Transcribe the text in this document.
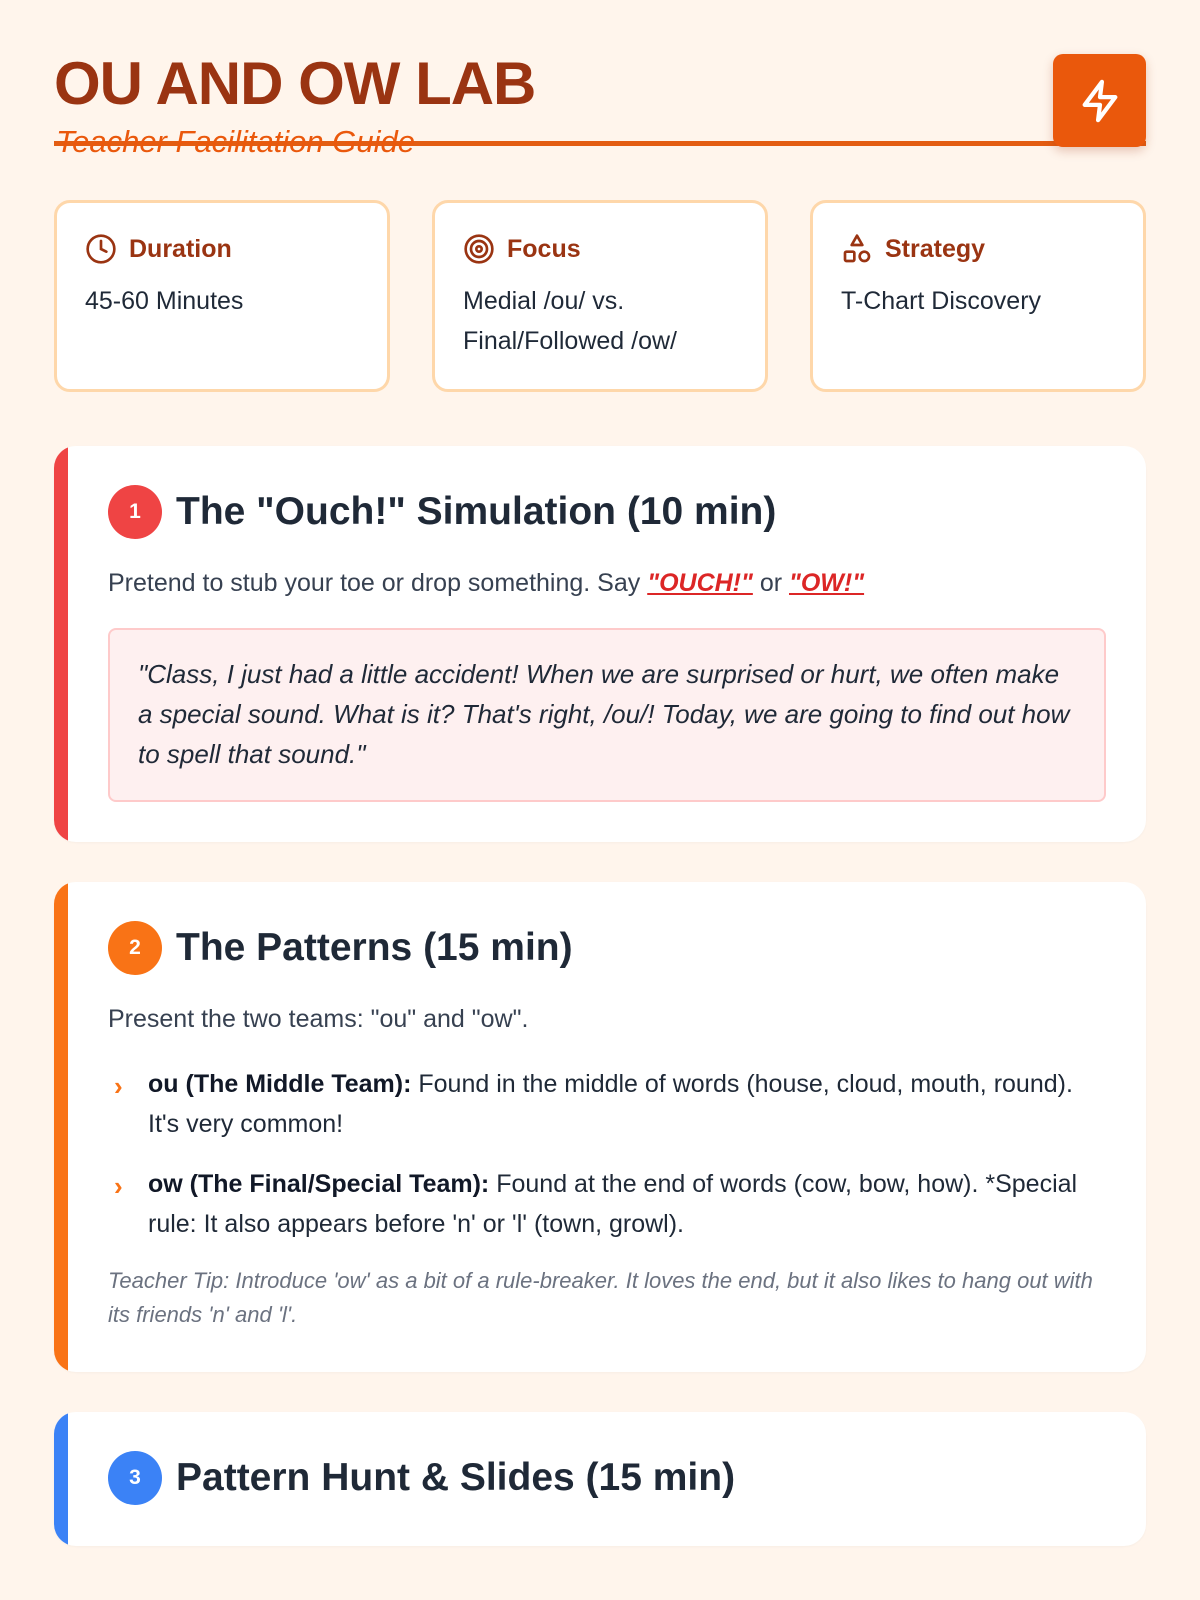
OU AND OW LAB
Teacher Facilitation Guide
Duration
45-60 Minutes
Focus
Medial /ou/ vs. Final/Followed /ow/
Strategy
T-Chart Discovery
1 The "Ouch!" Simulation (10 min)

Pretend to stub your toe or drop something. Say "OUCH!" or "OW!"

"Class, I just had a little accident! When we are surprised or hurt, we often make a special sound. What is it? That's right, /ou/! Today, we are going to find out how to spell that sound."
2 The Patterns (15 min)

Present the two teams: "ou" and "ow".

› ou (The Middle Team): Found in the middle of words (house, cloud, mouth, round). It's very common!
› ow (The Final/Special Team): Found at the end of words (cow, bow, how). *Special rule: It also appears before 'n' or 'l' (town, growl).
Teacher Tip: Introduce 'ow' as a bit of a rule-breaker. It loves the end, but it also likes to hang out with its friends 'n' and 'l'.
3 Pattern Hunt & Slides (15 min)
